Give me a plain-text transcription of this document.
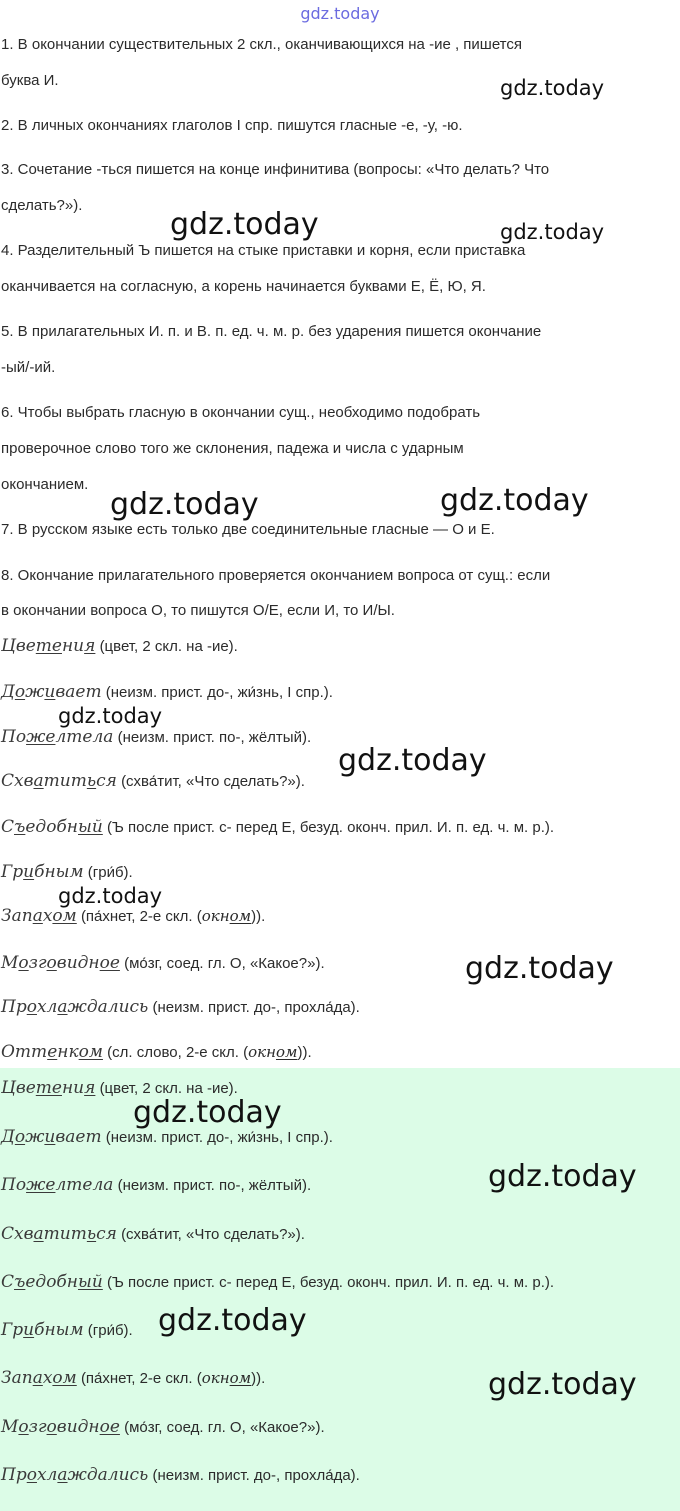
gdz.today
1. В окончании существительных 2 скл., оканчивающихся на -ие , пишется
буква И.
2. В личных окончаниях глаголов I спр. пишутся гласные -е, -у, -ю.
3. Сочетание -ться пишется на конце инфинитива (вопросы: «Что делать? Что
сделать?»).
4. Разделительный Ъ пишется на стыке приставки и корня, если приставка
оканчивается на согласную, а корень начинается буквами Е, Ё, Ю, Я.
5. В прилагательных И. п. и В. п. ед. ч. м. р. без ударения пишется окончание
-ый/-ий.
6. Чтобы выбрать гласную в окончании сущ., необходимо подобрать
проверочное слово того же склонения, падежа и числа с ударным
окончанием.
7. В русском языке есть только две соединительные гласные — О и Е.
8. Окончание прилагательного проверяется окончанием вопроса от сущ.: если
в окончании вопроса О, то пишутся О/Е, если И, то И/Ы.
Цветения (цвет, 2 скл. на -ие).
Доживает (неизм. прист. до-, жи́знь, I спр.).
Пожелтела (неизм. прист. по-, жёлтый).
Схватиться (схва́тит, «Что сделать?»).
Съедобный (Ъ после прист. с- перед Е, безуд. оконч. прил. И. п. ед. ч. м. р.).
Грибным (гри́б).
Запахом (па́хнет, 2-е скл. (окном)).
Мозговидное (мо́зг, соед. гл. О, «Какое?»).
Прохлаждались (неизм. прист. до-, прохла́да).
Оттенком (сл. слово, 2-е скл. (окном)).
Цветения (цвет, 2 скл. на -ие).
Доживает (неизм. прист. до-, жи́знь, I спр.).
Пожелтела (неизм. прист. по-, жёлтый).
Схватиться (схва́тит, «Что сделать?»).
Съедобный (Ъ после прист. с- перед Е, безуд. оконч. прил. И. п. ед. ч. м. р.).
Грибным (гри́б).
Запахом (па́хнет, 2-е скл. (окном)).
Мозговидное (мо́зг, соед. гл. О, «Какое?»).
Прохлаждались (неизм. прист. до-, прохла́да).
gdz.today
gdz.today	gdz.today
gdz.today	gdz.today
gdz.today
gdz.today
gdz.today
gdz.today
gdz.today
gdz.today
gdz.today
gdz.today
